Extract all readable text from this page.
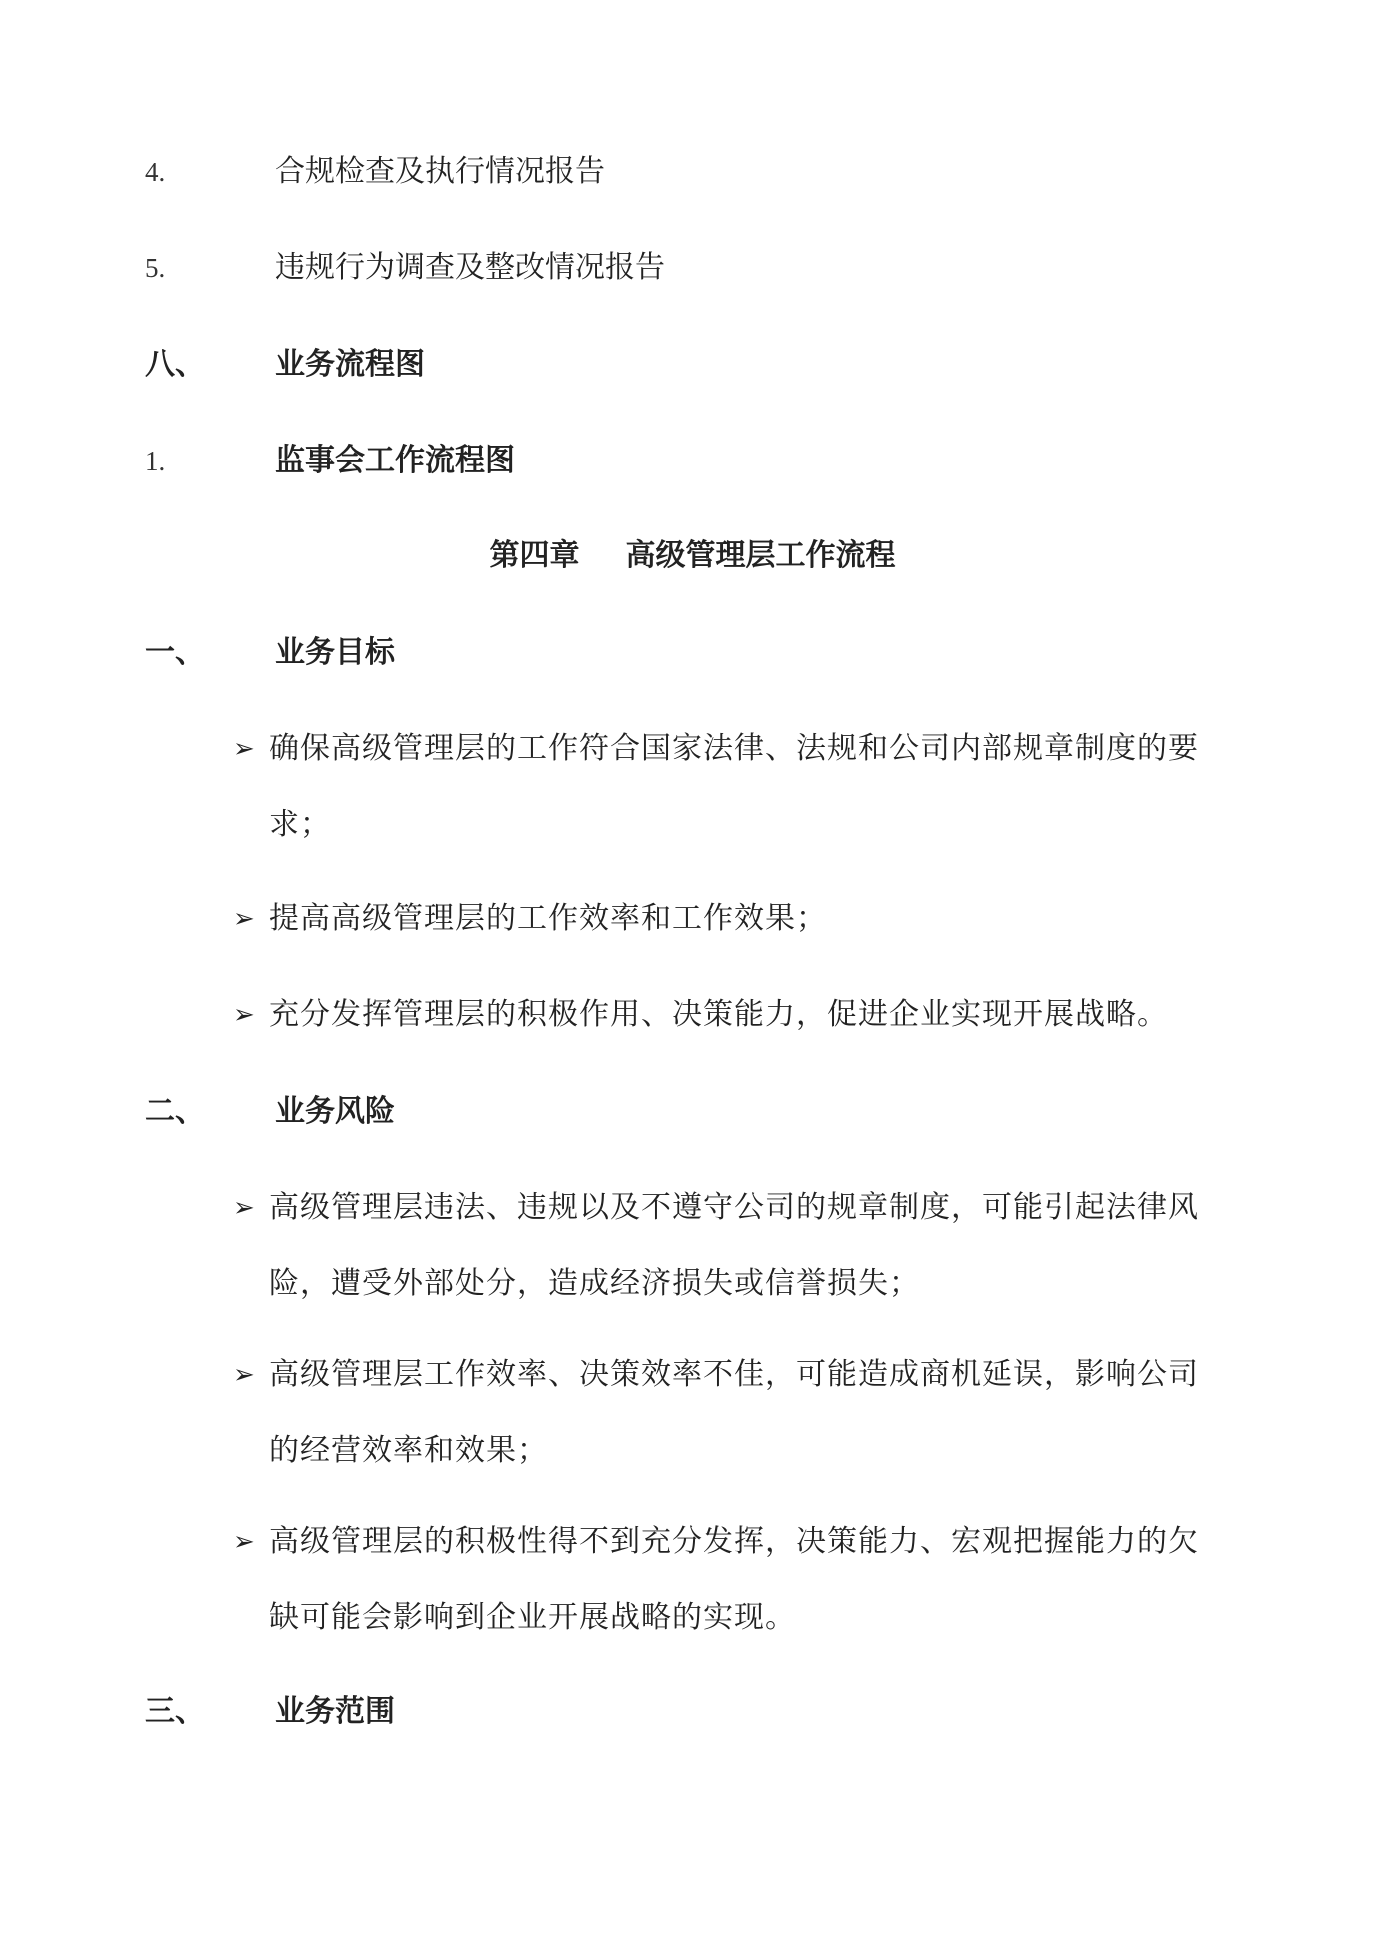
4.	合规检查及执行情况报告
5.	违规行为调查及整改情况报告
八、 业务流程图
1.	监事会工作流程图
第四章 高级管理层工作流程
一、 业务目标
➢ 确保高级管理层的工作符合国家法律、法规和公司内部规章制度的要求；
➢ 提高高级管理层的工作效率和工作效果；
➢ 充分发挥管理层的积极作用、决策能力，促进企业实现开展战略。
二、 业务风险
➢ 高级管理层违法、违规以及不遵守公司的规章制度，可能引起法律风险，遭受外部处分，造成经济损失或信誉损失；
➢ 高级管理层工作效率、决策效率不佳，可能造成商机延误，影响公司的经营效率和效果；
➢ 高级管理层的积极性得不到充分发挥，决策能力、宏观把握能力的欠缺可能会影响到企业开展战略的实现。
三、 业务范围
